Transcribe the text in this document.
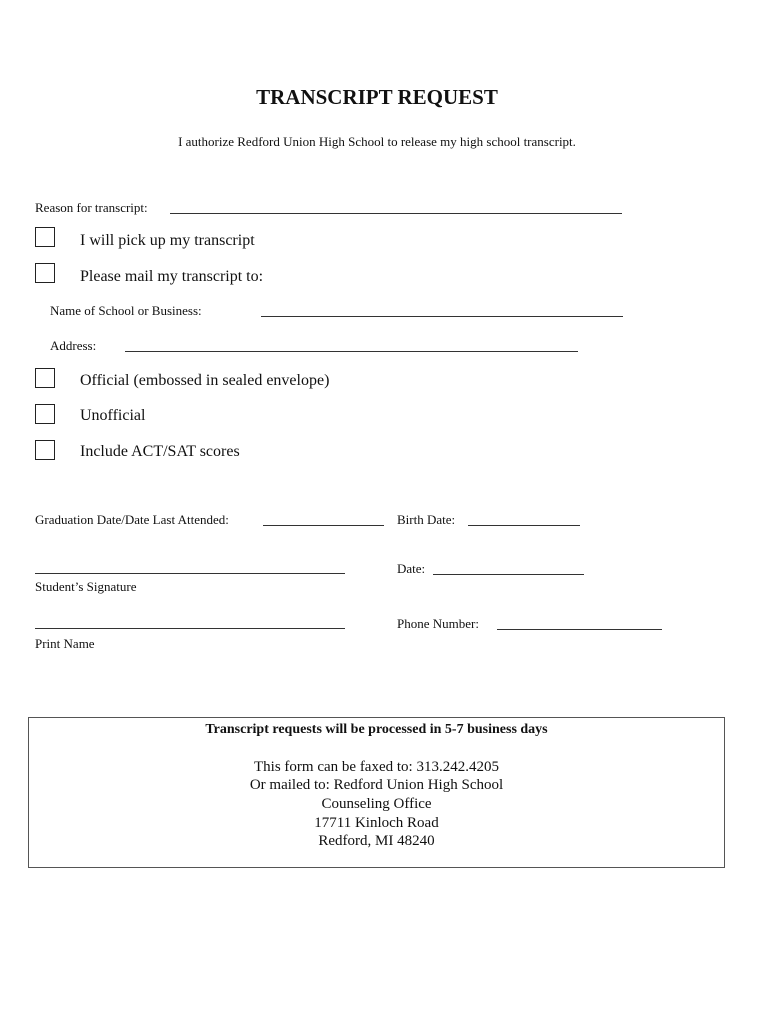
TRANSCRIPT REQUEST
I authorize Redford Union High School to release my high school transcript.
Reason for transcript:
I will pick up my transcript
Please mail my transcript to:
Name of School or Business:
Address:
Official (embossed in sealed envelope)
Unofficial
Include ACT/SAT scores
Graduation Date/Date Last Attended:	Birth Date:
Student’s Signature
Date:
Print Name
Phone Number:
Transcript requests will be processed in 5-7 business days
This form can be faxed to: 313.242.4205
Or mailed to: Redford Union High School
Counseling Office
17711 Kinloch Road
Redford, MI 48240
